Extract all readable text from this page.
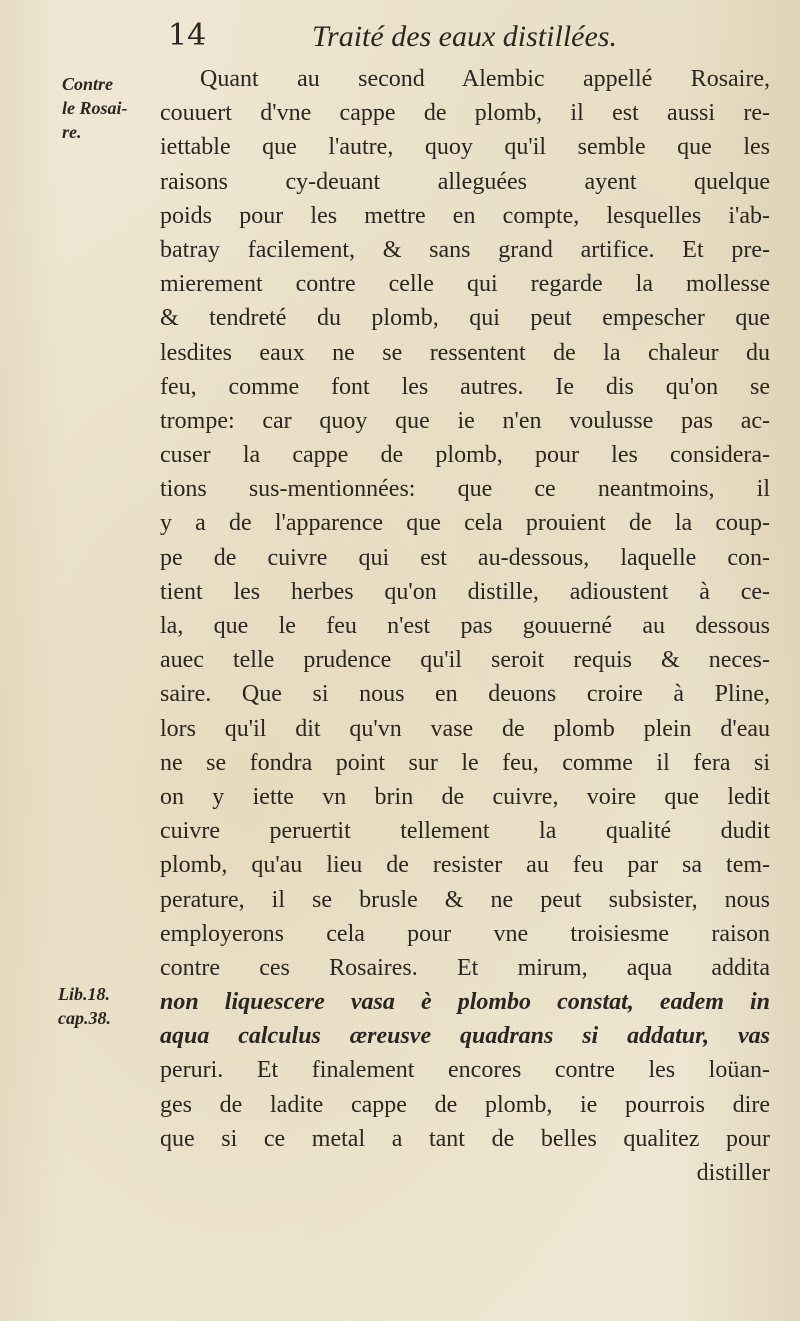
14	Traité des eaux distillées.
Contre
le Rosai-
re.
Lib.18.
cap.38.
Quant au second Alembic appellé Rosaire,
couuert d'vne cappe de plomb, il est aussi re-
iettable que l'autre, quoy qu'il semble que les
raisons cy-deuant alleguées ayent quelque
poids pour les mettre en compte, lesquelles i'ab-
batray facilement, & sans grand artifice. Et pre-
mierement contre celle qui regarde la mollesse
& tendreté du plomb, qui peut empescher que
lesdites eaux ne se ressentent de la chaleur du
feu, comme font les autres. Ie dis qu'on se
trompe: car quoy que ie n'en voulusse pas ac-
cuser la cappe de plomb, pour les considera-
tions sus-mentionnées: que ce neantmoins, il
y a de l'apparence que cela prouient de la coup-
pe de cuivre qui est au-dessous, laquelle con-
tient les herbes qu'on distille, adioustent à ce-
la, que le feu n'est pas gouuerné au dessous
auec telle prudence qu'il seroit requis & neces-
saire. Que si nous en deuons croire à Pline,
lors qu'il dit qu'vn vase de plomb plein d'eau
ne se fondra point sur le feu, comme il fera si
on y iette vn brin de cuivre, voire que ledit
cuivre peruertit tellement la qualité dudit
plomb, qu'au lieu de resister au feu par sa tem-
perature, il se brusle & ne peut subsister, nous
employerons cela pour vne troisiesme raison
contre ces Rosaires. Et mirum, aqua addita
non liquescere vasa è plombo constat, eadem in
aqua calculus æreusve quadrans si addatur, vas
peruri. Et finalement encores contre les loüan-
ges de ladite cappe de plomb, ie pourrois dire
que si ce metal a tant de belles qualitez pour
distiller
